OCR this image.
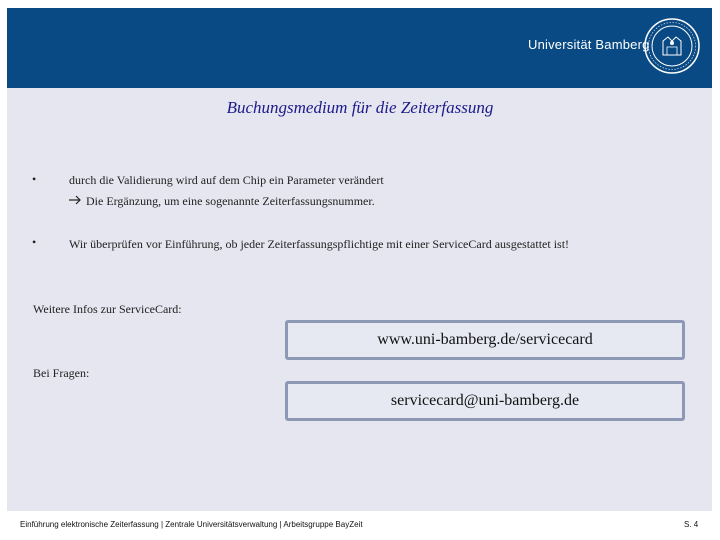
Universität Bamberg
Buchungsmedium für die Zeiterfassung
•	durch die Validierung wird auf dem Chip ein Parameter verändert
Die Ergänzung, um eine sogenannte Zeiterfassungsnummer.
•	Wir überprüfen vor Einführung, ob jeder Zeiterfassungspflichtige mit einer ServiceCard ausgestattet ist!
Weitere Infos zur ServiceCard:
www.uni-bamberg.de/servicecard
Bei Fragen:
servicecard@uni-bamberg.de
Einführung elektronische Zeiterfassung | Zentrale Universitätsverwaltung | Arbeitsgruppe BayZeit	S. 4
